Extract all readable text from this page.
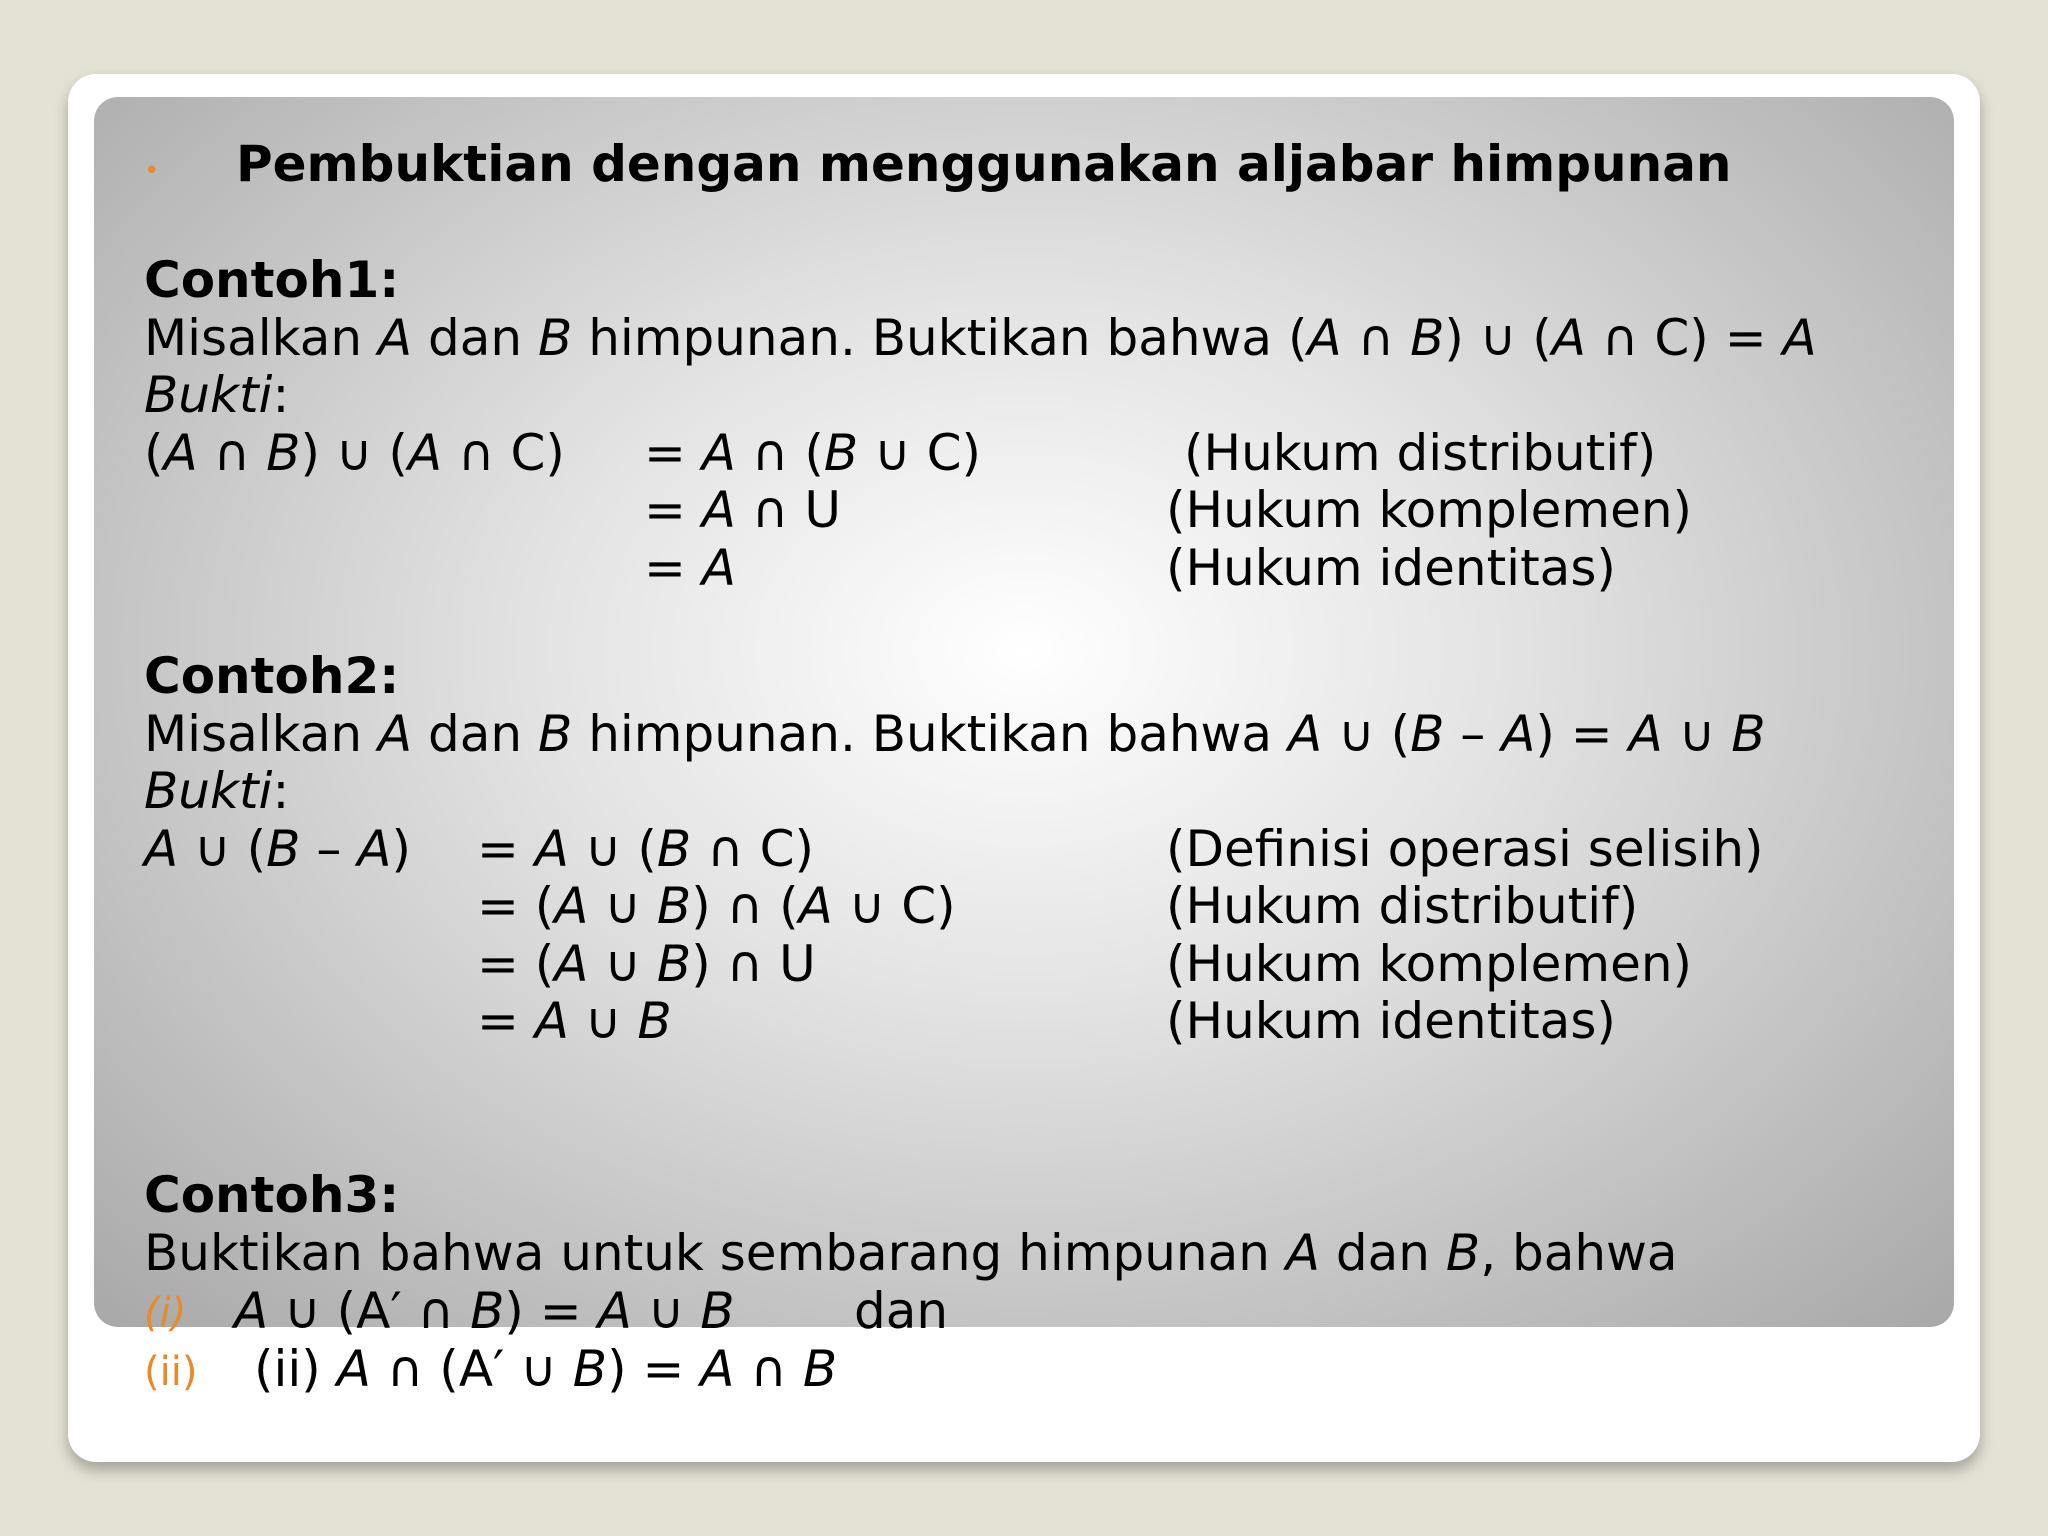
• Pembuktian dengan menggunakan aljabar himpunan
Contoh1:
Misalkan A dan B himpunan. Buktikan bahwa (A ∩ B) ∪ (A ∩ C) = A
Bukti:
(A ∩ B) ∪ (A ∩ C) = A ∩ (B ∪ C)	(Hukum distributif)
= A ∩ U	(Hukum komplemen)
= A	(Hukum identitas)
Contoh2:
Misalkan A dan B himpunan. Buktikan bahwa A ∪ (B – A) = A ∪ B
Bukti:
A ∪ (B – A) = A ∪ (B ∩ C)	(Definisi operasi selisih)
= (A ∪ B) ∩ (A ∪ C)	(Hukum distributif)
= (A ∪ B) ∩ U	(Hukum komplemen)
= A ∪ B	(Hukum identitas)
Contoh3:
Buktikan bahwa untuk sembarang himpunan A dan B, bahwa
(i) A ∪ (A′ ∩ B) = A ∪ B dan
(ii) (ii) A ∩ (A′ ∪ B) = A ∩ B
